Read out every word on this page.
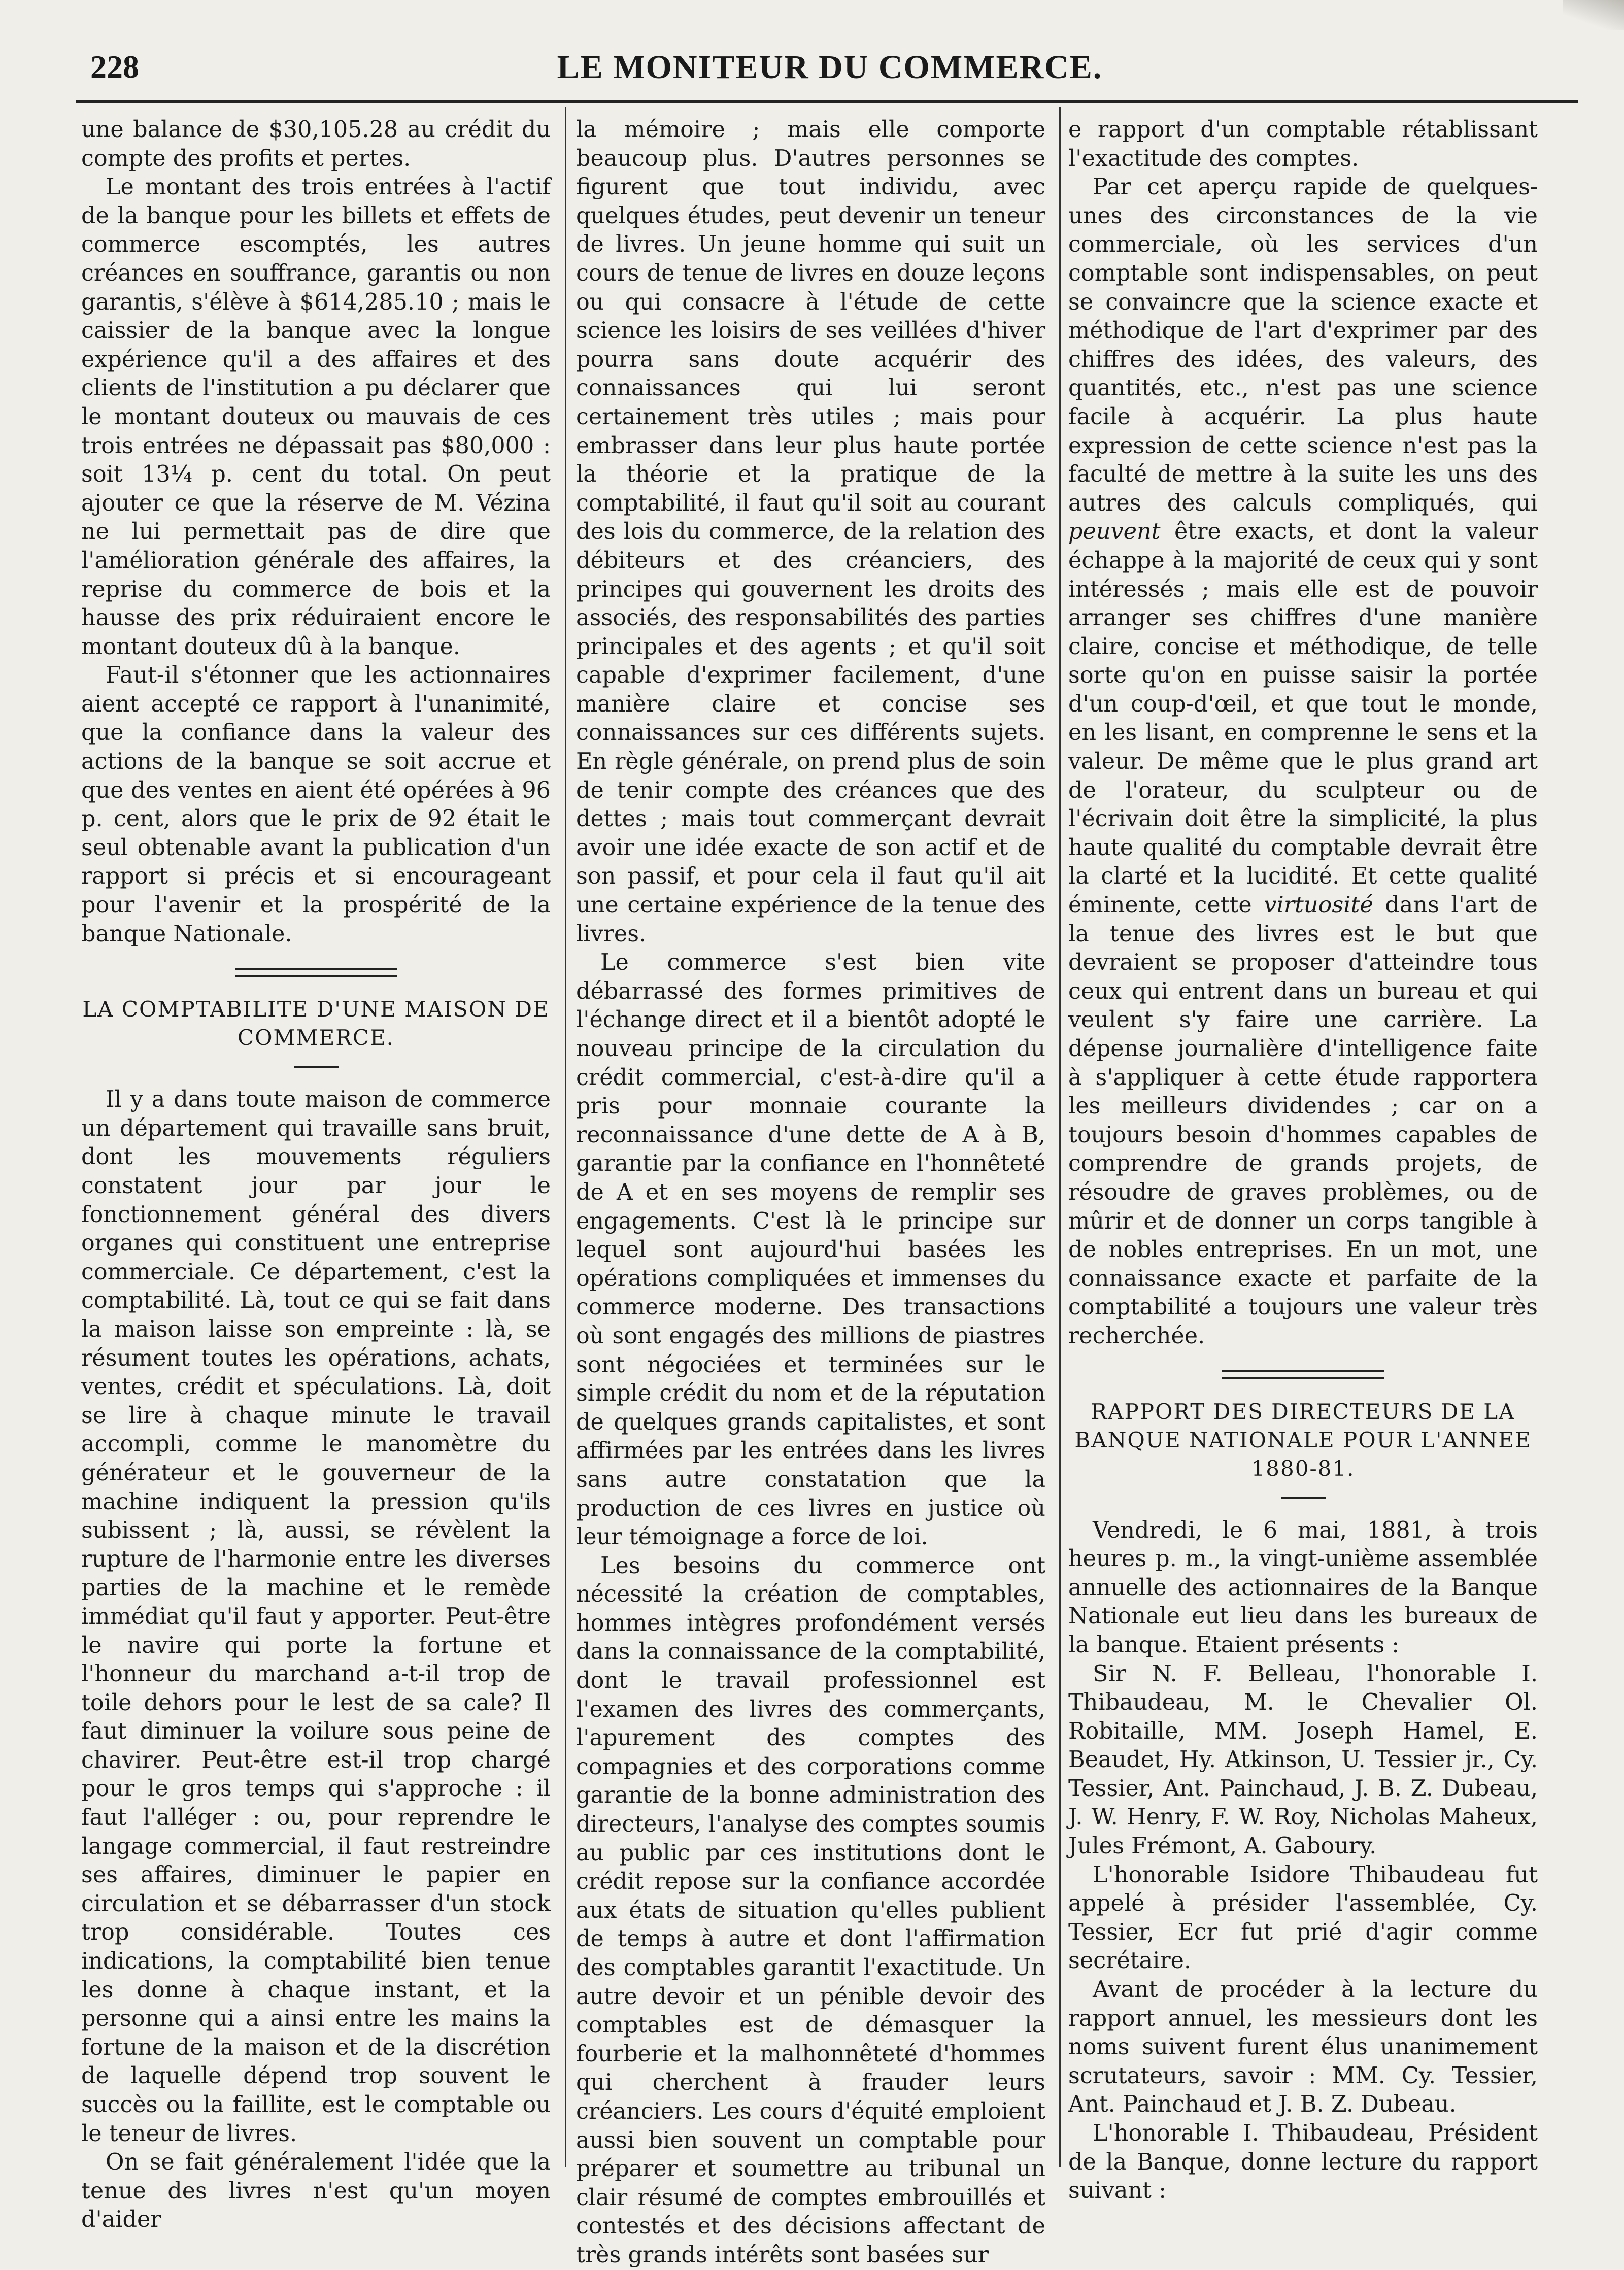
228	LE MONITEUR DU COMMERCE.

une balance de $30,105.28 au crédit du compte des profits et pertes.

Le montant des trois entrées à l'actif de la banque pour les billets et effets de commerce escomptés, les autres créances en souffrance, garantis ou non garantis, s'élève à $614,285.10 ; mais le caissier de la banque avec la longue expérience qu'il a des affaires et des clients de l'institution a pu déclarer que le montant douteux ou mauvais de ces trois entrées ne dépassait pas $80,000 : soit 13¼ p. cent du total. On peut ajouter ce que la réserve de M. Vézina ne lui permettait pas de dire que l'amélioration générale des affaires, la reprise du commerce de bois et la hausse des prix réduiraient encore le montant douteux dû à la banque.

Faut-il s'étonner que les actionnaires aient accepté ce rapport à l'unanimité, que la confiance dans la valeur des actions de la banque se soit accrue et que des ventes en aient été opérées à 96 p. cent, alors que le prix de 92 était le seul obtenable avant la publication d'un rapport si précis et si encourageant pour l'avenir et la prospérité de la banque Nationale.

LA COMPTABILITE D'UNE MAISON DE COMMERCE.

Il y a dans toute maison de commerce un département qui travaille sans bruit, dont les mouvements réguliers constatent jour par jour le fonctionnement général des divers organes qui constituent une entreprise commerciale. Ce département, c'est la comptabilité. Là, tout ce qui se fait dans la maison laisse son empreinte : là, se résument toutes les opérations, achats, ventes, crédit et spéculations. Là, doit se lire à chaque minute le travail accompli, comme le manomètre du générateur et le gouverneur de la machine indiquent la pression qu'ils subissent ; là, aussi, se révèlent la rupture de l'harmonie entre les diverses parties de la machine et le remède immédiat qu'il faut y apporter. Peut-être le navire qui porte la fortune et l'honneur du marchand a-t-il trop de toile dehors pour le lest de sa cale? Il faut diminuer la voilure sous peine de chavirer. Peut-être est-il trop chargé pour le gros temps qui s'approche : il faut l'alléger : ou, pour reprendre le langage commercial, il faut restreindre ses affaires, diminuer le papier en circulation et se débarrasser d'un stock trop considérable. Toutes ces indications, la comptabilité bien tenue les donne à chaque instant, et la personne qui a ainsi entre les mains la fortune de la maison et de la discrétion de laquelle dépend trop souvent le succès ou la faillite, est le comptable ou le teneur de livres.

On se fait généralement l'idée que la tenue des livres n'est qu'un moyen d'aider

la mémoire ; mais elle comporte beaucoup plus. D'autres personnes se figurent que tout individu, avec quelques études, peut devenir un teneur de livres. Un jeune homme qui suit un cours de tenue de livres en douze leçons ou qui consacre à l'étude de cette science les loisirs de ses veillées d'hiver pourra sans doute acquérir des connaissances qui lui seront certainement très utiles ; mais pour embrasser dans leur plus haute portée la théorie et la pratique de la comptabilité, il faut qu'il soit au courant des lois du commerce, de la relation des débiteurs et des créanciers, des principes qui gouvernent les droits des associés, des responsabilités des parties principales et des agents ; et qu'il soit capable d'exprimer facilement, d'une manière claire et concise ses connaissances sur ces différents sujets. En règle générale, on prend plus de soin de tenir compte des créances que des dettes ; mais tout commerçant devrait avoir une idée exacte de son actif et de son passif, et pour cela il faut qu'il ait une certaine expérience de la tenue des livres.

Le commerce s'est bien vite débarrassé des formes primitives de l'échange direct et il a bientôt adopté le nouveau principe de la circulation du crédit commercial, c'est-à-dire qu'il a pris pour monnaie courante la reconnaissance d'une dette de A à B, garantie par la confiance en l'honnêteté de A et en ses moyens de remplir ses engagements. C'est là le principe sur lequel sont aujourd'hui basées les opérations compliquées et immenses du commerce moderne. Des transactions où sont engagés des millions de piastres sont négociées et terminées sur le simple crédit du nom et de la réputation de quelques grands capitalistes, et sont affirmées par les entrées dans les livres sans autre constatation que la production de ces livres en justice où leur témoignage a force de loi.

Les besoins du commerce ont nécessité la création de comptables, hommes intègres profondément versés dans la connaissance de la comptabilité, dont le travail professionnel est l'examen des livres des commerçants, l'apurement des comptes des compagnies et des corporations comme garantie de la bonne administration des directeurs, l'analyse des comptes soumis au public par ces institutions dont le crédit repose sur la confiance accordée aux états de situation qu'elles publient de temps à autre et dont l'affirmation des comptables garantit l'exactitude. Un autre devoir et un pénible devoir des comptables est de démasquer la fourberie et la malhonnêteté d'hommes qui cherchent à frauder leurs créanciers. Les cours d'équité emploient aussi bien souvent un comptable pour préparer et soumettre au tribunal un clair résumé de comptes embrouillés et contestés et des décisions affectant de très grands intérêts sont basées sur

e rapport d'un comptable rétablissant l'exactitude des comptes.

Par cet aperçu rapide de quelques-unes des circonstances de la vie commerciale, où les services d'un comptable sont indispensables, on peut se convaincre que la science exacte et méthodique de l'art d'exprimer par des chiffres des idées, des valeurs, des quantités, etc., n'est pas une science facile à acquérir. La plus haute expression de cette science n'est pas la faculté de mettre à la suite les uns des autres des calculs compliqués, qui peuvent être exacts, et dont la valeur échappe à la majorité de ceux qui y sont intéressés ; mais elle est de pouvoir arranger ses chiffres d'une manière claire, concise et méthodique, de telle sorte qu'on en puisse saisir la portée d'un coup-d'œil, et que tout le monde, en les lisant, en comprenne le sens et la valeur. De même que le plus grand art de l'orateur, du sculpteur ou de l'écrivain doit être la simplicité, la plus haute qualité du comptable devrait être la clarté et la lucidité. Et cette qualité éminente, cette virtuosité dans l'art de la tenue des livres est le but que devraient se proposer d'atteindre tous ceux qui entrent dans un bureau et qui veulent s'y faire une carrière. La dépense journalière d'intelligence faite à s'appliquer à cette étude rapportera les meilleurs dividendes ; car on a toujours besoin d'hommes capables de comprendre de grands projets, de résoudre de graves problèmes, ou de mûrir et de donner un corps tangible à de nobles entreprises. En un mot, une connaissance exacte et parfaite de la comptabilité a toujours une valeur très recherchée.

RAPPORT DES DIRECTEURS DE LA BANQUE NATIONALE POUR L'ANNEE 1880-81.

Vendredi, le 6 mai, 1881, à trois heures p. m., la vingt-unième assemblée annuelle des actionnaires de la Banque Nationale eut lieu dans les bureaux de la banque. Etaient présents :

Sir N. F. Belleau, l'honorable I. Thibaudeau, M. le Chevalier Ol. Robitaille, MM. Joseph Hamel, E. Beaudet, Hy. Atkinson, U. Tessier jr., Cy. Tessier, Ant. Painchaud, J. B. Z. Dubeau, J. W. Henry, F. W. Roy, Nicholas Maheux, Jules Frémont, A. Gaboury.

L'honorable Isidore Thibaudeau fut appelé à présider l'assemblée, Cy. Tessier, Ecr fut prié d'agir comme secrétaire.

Avant de procéder à la lecture du rapport annuel, les messieurs dont les noms suivent furent élus unanimement scrutateurs, savoir : MM. Cy. Tessier, Ant. Painchaud et J. B. Z. Dubeau.

L'honorable I. Thibaudeau, Président de la Banque, donne lecture du rapport suivant :
